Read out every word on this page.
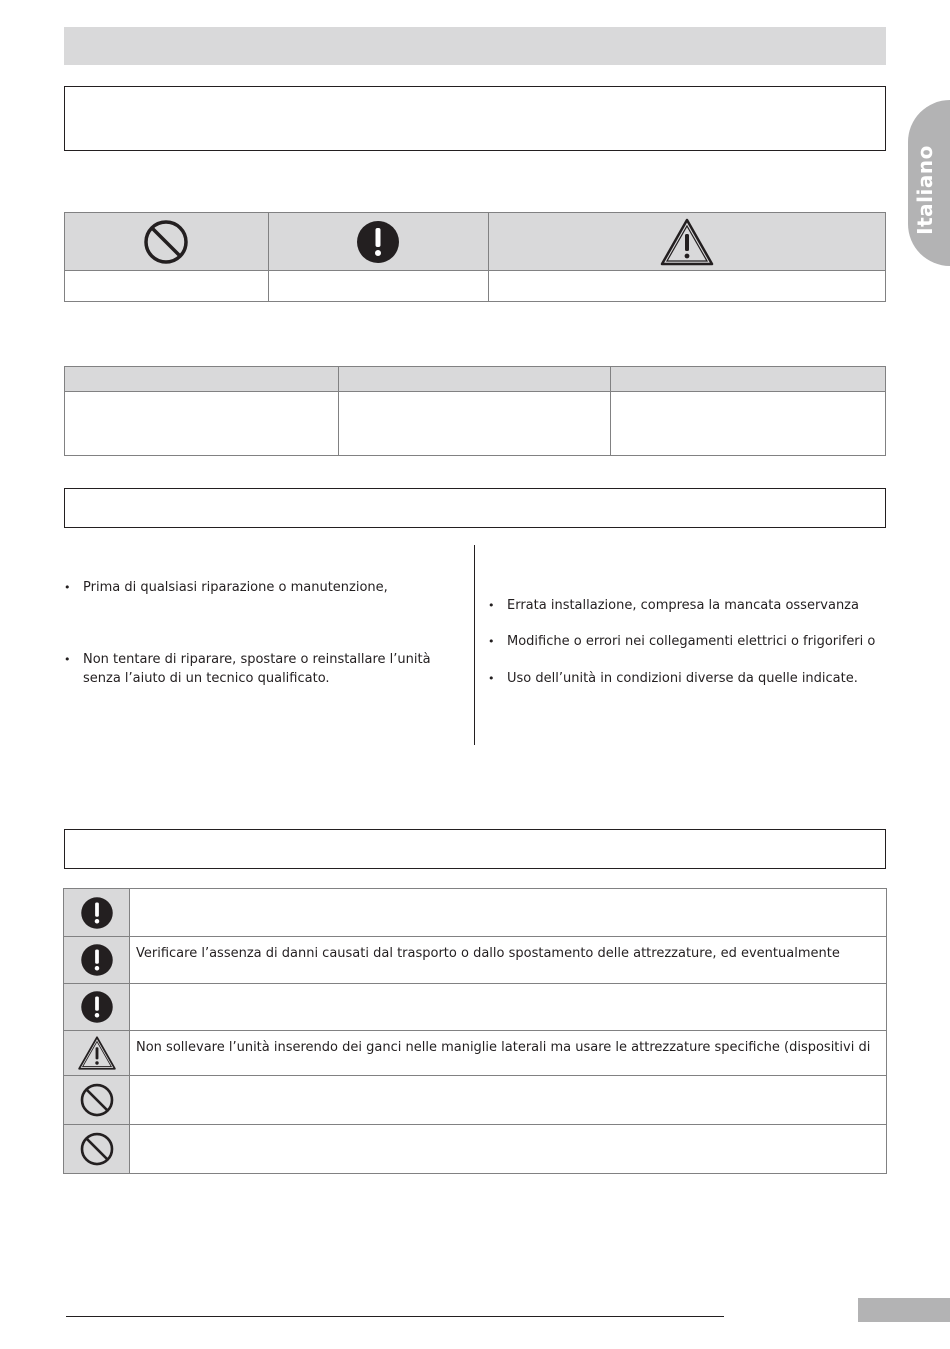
Italiano

• Prima di qualsiasi riparazione o manutenzione,
• Non tentare di riparare, spostare o reinstallare l’unità
senza l’aiuto di un tecnico qualificato.
• Errata installazione, compresa la mancata osservanza
• Modifiche o errori nei collegamenti elettrici o frigoriferi o
• Uso dell’unità in condizioni diverse da quelle indicate.

Verificare l’assenza di danni causati dal trasporto o dallo spostamento delle attrezzature, ed eventualmente

Non sollevare l’unità inserendo dei ganci nelle maniglie laterali ma usare le attrezzature specifiche (dispositivi di
